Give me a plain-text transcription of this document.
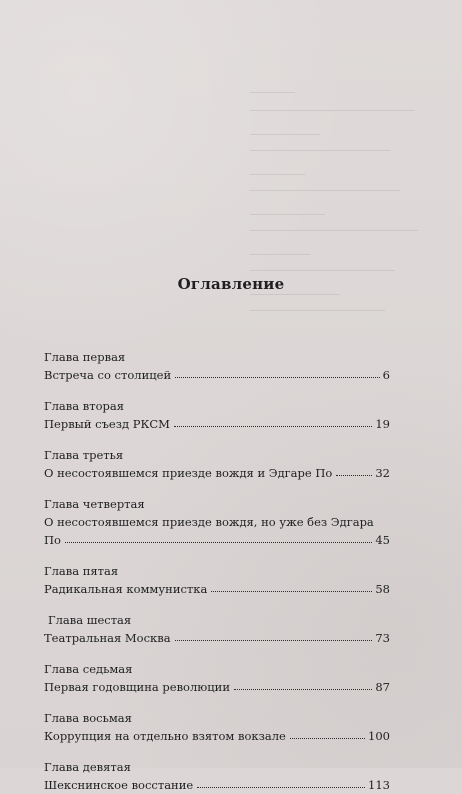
Оглавление
Глава первая
Встреча со столицей	6
Глава вторая
Первый съезд РКСМ	19
Глава третья
О несостоявшемся приезде вождя и Эдгаре По	32
Глава четвертая
О несостоявшемся приезде вождя, но уже без Эдгара
По	45
Глава пятая
Радикальная коммунистка	58
Глава шестая
Театральная Москва	73
Глава седьмая
Первая годовщина революции	87
Глава восьмая
Коррупция на отдельно взятом вокзале	100
Глава девятая
Шекснинское восстание	113
